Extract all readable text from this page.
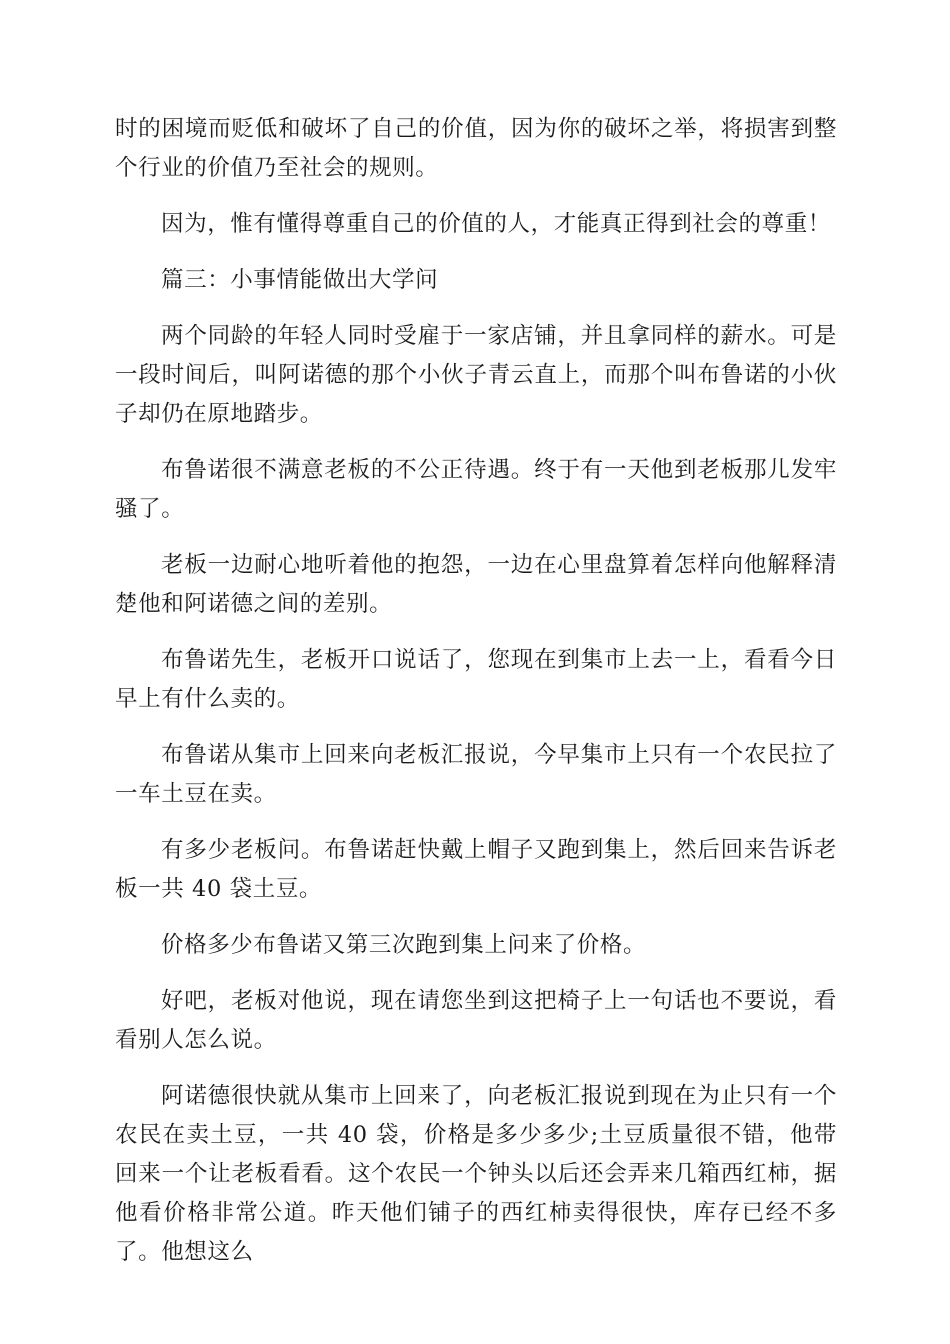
时的困境而贬低和破坏了自己的价值，因为你的破坏之举，将损害到整个行业的价值乃至社会的规则。

因为，惟有懂得尊重自己的价值的人，才能真正得到社会的尊重！

篇三：小事情能做出大学问

两个同龄的年轻人同时受雇于一家店铺，并且拿同样的薪水。可是一段时间后，叫阿诺德的那个小伙子青云直上，而那个叫布鲁诺的小伙子却仍在原地踏步。

布鲁诺很不满意老板的不公正待遇。终于有一天他到老板那儿发牢骚了。

老板一边耐心地听着他的抱怨，一边在心里盘算着怎样向他解释清楚他和阿诺德之间的差别。

布鲁诺先生，老板开口说话了，您现在到集市上去一上，看看今日早上有什么卖的。

布鲁诺从集市上回来向老板汇报说，今早集市上只有一个农民拉了一车土豆在卖。

有多少老板问。布鲁诺赶快戴上帽子又跑到集上，然后回来告诉老板一共 40 袋土豆。

价格多少布鲁诺又第三次跑到集上问来了价格。

好吧，老板对他说，现在请您坐到这把椅子上一句话也不要说，看看别人怎么说。

阿诺德很快就从集市上回来了，向老板汇报说到现在为止只有一个农民在卖土豆，一共 40 袋，价格是多少多少;土豆质量很不错，他带回来一个让老板看看。这个农民一个钟头以后还会弄来几箱西红柿，据他看价格非常公道。昨天他们铺子的西红柿卖得很快，库存已经不多了。他想这么
